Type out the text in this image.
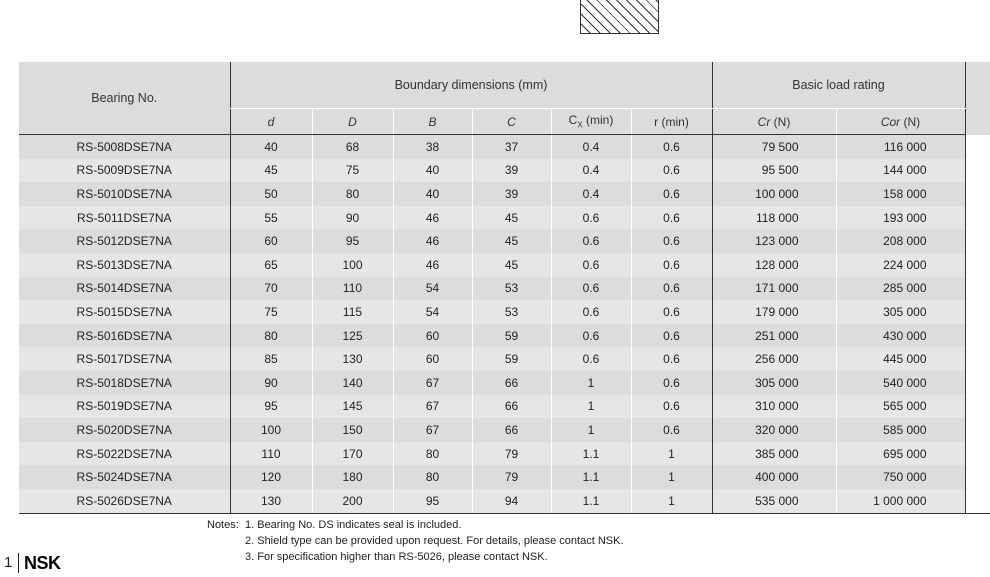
Bearing No.	Boundary dimensions (mm)						Basic load rating		
	d	D	B	C	$C_X$ (min)	r (min)	Cr (N)	Cor (N)	
RS-5008DSE7NA	40	68	38	37	0.4	0.6	79 500	116 000	
RS-5009DSE7NA	45	75	40	39	0.4	0.6	95 500	144 000	
RS-5010DSE7NA	50	80	40	39	0.4	0.6	100 000	158 000	
RS-5011DSE7NA	55	90	46	45	0.6	0.6	118 000	193 000	
RS-5012DSE7NA	60	95	46	45	0.6	0.6	123 000	208 000	
RS-5013DSE7NA	65	100	46	45	0.6	0.6	128 000	224 000	
RS-5014DSE7NA	70	110	54	53	0.6	0.6	171 000	285 000	
RS-5015DSE7NA	75	115	54	53	0.6	0.6	179 000	305 000	
RS-5016DSE7NA	80	125	60	59	0.6	0.6	251 000	430 000	
RS-5017DSE7NA	85	130	60	59	0.6	0.6	256 000	445 000	
RS-5018DSE7NA	90	140	67	66	1	0.6	305 000	540 000	
RS-5019DSE7NA	95	145	67	66	1	0.6	310 000	565 000	
RS-5020DSE7NA	100	150	67	66	1	0.6	320 000	585 000	
RS-5022DSE7NA	110	170	80	79	1.1	1	385 000	695 000	
RS-5024DSE7NA	120	180	80	79	1.1	1	400 000	750 000	
RS-5026DSE7NA	130	200	95	94	1.1	1	535 000	1 000 000	
Notes: 1. Bearing No. DS indicates seal is included.
2. Shield type can be provided upon request. For details, please contact NSK.
3. For specification higher than RS-5026, please contact NSK.
1 NSK
